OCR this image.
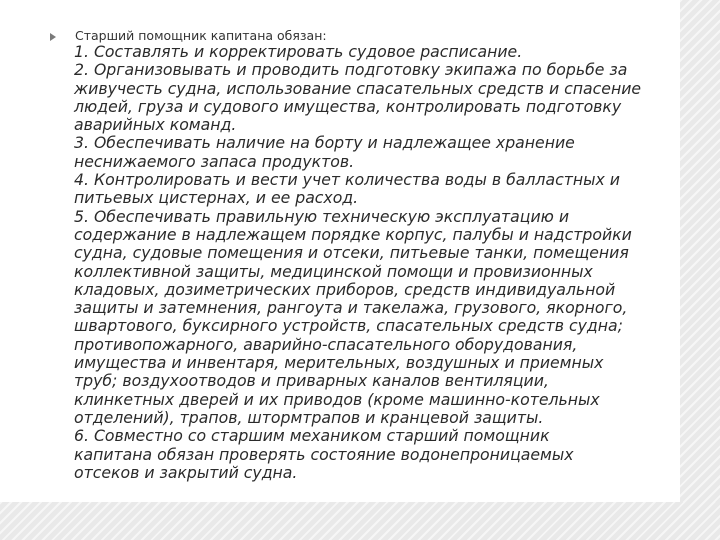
Старший помощник капитана обязан:
1. Составлять и корректировать судовое расписание.
2. Организовывать и проводить подготовку экипажа по борьбе за
живучесть судна, использование спасательных средств и спасение
людей, груза и судового имущества, контролировать подготовку
аварийных команд.
3. Обеспечивать наличие на борту и надлежащее хранение
неснижаемого запаса продуктов.
4. Контролировать и вести учет количества воды в балластных и
питьевых цистернах, и ее расход.
5. Обеспечивать правильную техническую эксплуатацию и
содержание в надлежащем порядке корпус, палубы и надстройки
судна, судовые помещения и отсеки, питьевые танки, помещения
коллективной защиты, медицинской помощи и провизионных
кладовых, дозиметрических приборов, средств индивидуальной
защиты и затемнения, рангоута и такелажа, грузового, якорного,
швартового, буксирного устройств, спасательных средств судна;
противопожарного, аварийно-спасательного оборудования,
имущества и инвентаря, мерительных, воздушных и приемных
труб; воздухоотводов и приварных каналов вентиляции,
клинкетных дверей и их приводов (кроме машинно-котельных
отделений), трапов, штормтрапов и кранцевой защиты.
6. Совместно со старшим механиком старший помощник
капитана обязан проверять состояние водонепроницаемых
отсеков и закрытий судна.
